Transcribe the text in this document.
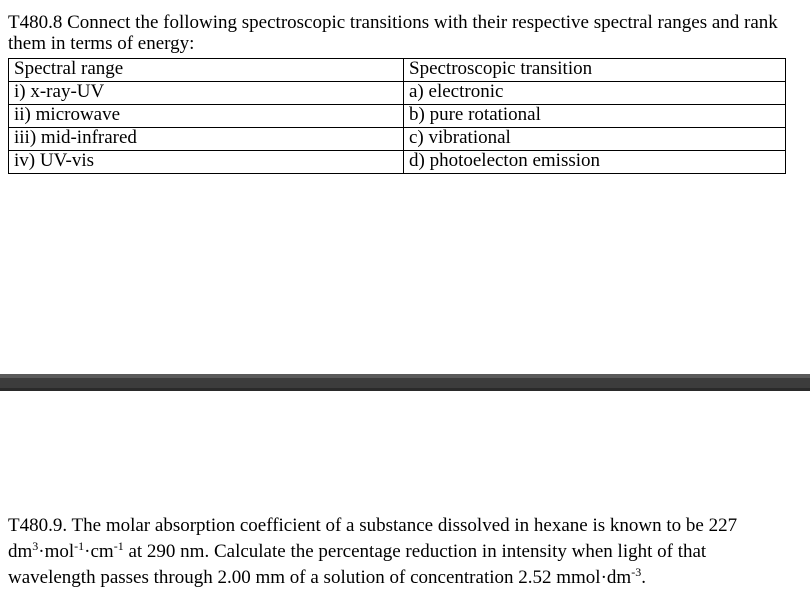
T480.8 Connect the following spectroscopic transitions with their respective spectral ranges and rank them in terms of energy:

Spectral range	Spectroscopic transition
i) x-ray-UV	a) electronic
ii) microwave	b) pure rotational
iii) mid-infrared	c) vibrational
iv) UV-vis	d) photoelecton emission

T480.9. The molar absorption coefficient of a substance dissolved in hexane is known to be 227 $dm^3\cdot mol^{-1}\cdot cm^{-1}$ at 290 nm. Calculate the percentage reduction in intensity when light of that wavelength passes through 2.00 mm of a solution of concentration 2.52 $mmol\cdot dm^{-3}$.
